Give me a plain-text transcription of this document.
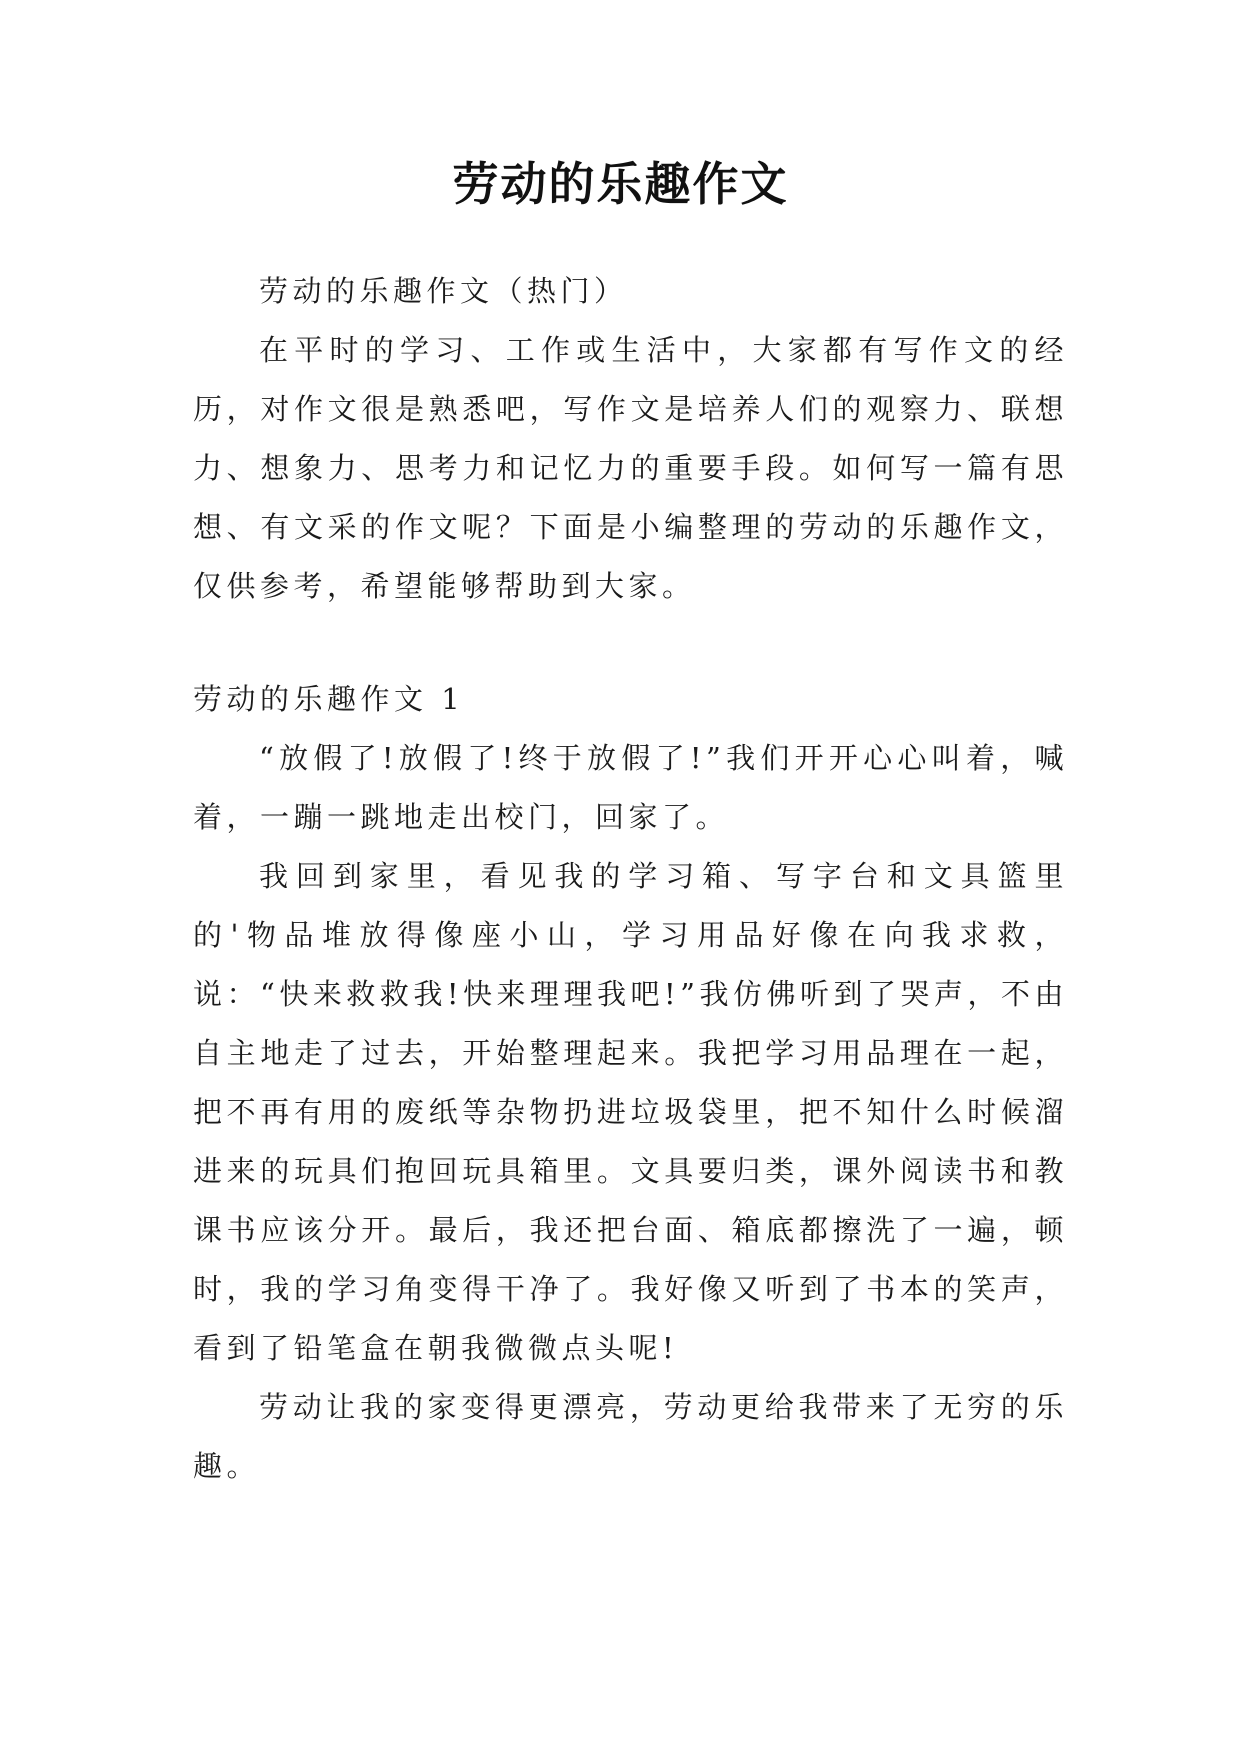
劳动的乐趣作文

劳动的乐趣作文（热门）

在平时的学习、工作或生活中，大家都有写作文的经历，对作文很是熟悉吧，写作文是培养人们的观察力、联想力、想象力、思考力和记忆力的重要手段。如何写一篇有思想、有文采的作文呢？下面是小编整理的劳动的乐趣作文，仅供参考，希望能够帮助到大家。

劳动的乐趣作文 1

“放假了!放假了!终于放假了!”我们开开心心叫着，喊着，一蹦一跳地走出校门，回家了。

我回到家里，看见我的学习箱、写字台和文具篮里的'物品堆放得像座小山，学习用品好像在向我求救，说：“快来救救我!快来理理我吧!”我仿佛听到了哭声，不由自主地走了过去，开始整理起来。我把学习用品理在一起，把不再有用的废纸等杂物扔进垃圾袋里，把不知什么时候溜进来的玩具们抱回玩具箱里。文具要归类，课外阅读书和教课书应该分开。最后，我还把台面、箱底都擦洗了一遍，顿时，我的学习角变得干净了。我好像又听到了书本的笑声，看到了铅笔盒在朝我微微点头呢!

劳动让我的家变得更漂亮，劳动更给我带来了无穷的乐趣。
